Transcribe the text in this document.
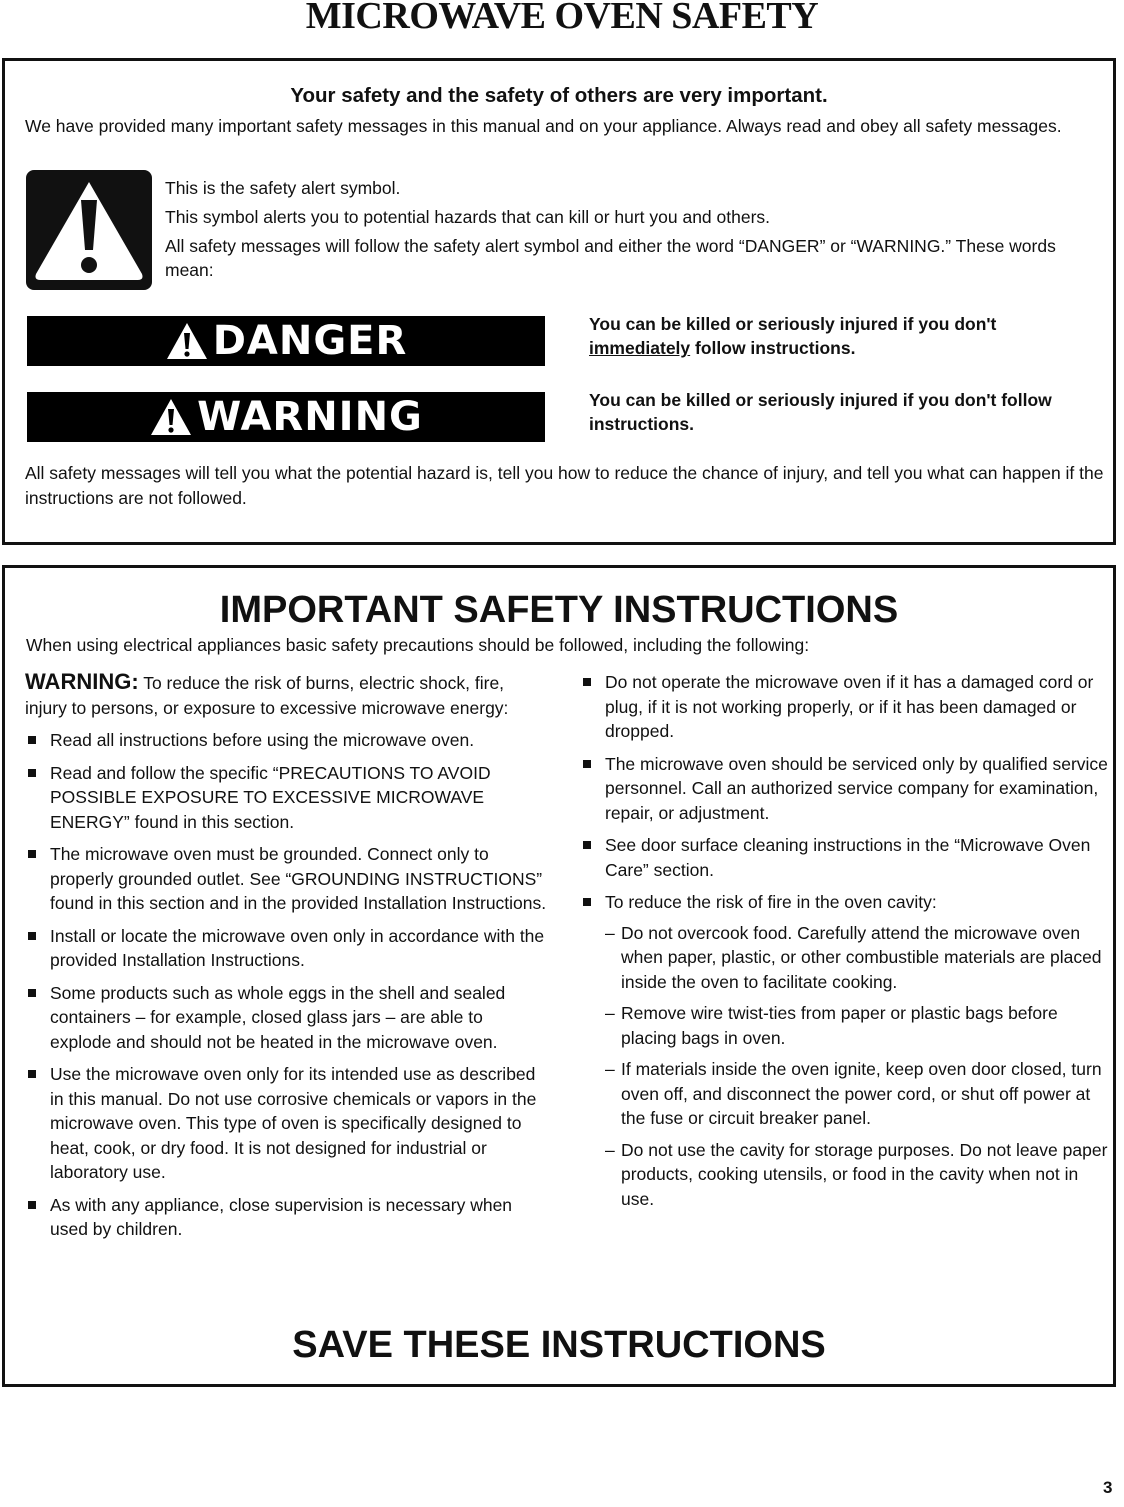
MICROWAVE OVEN SAFETY

Your safety and the safety of others are very important.

We have provided many important safety messages in this manual and on your appliance. Always read and obey all safety messages.

This is the safety alert symbol.

This symbol alerts you to potential hazards that can kill or hurt you and others.

All safety messages will follow the safety alert symbol and either the word “DANGER” or “WARNING.” These words mean:

DANGER	You can be killed or seriously injured if you don't immediately follow instructions.

WARNING	You can be killed or seriously injured if you don't follow instructions.

All safety messages will tell you what the potential hazard is, tell you how to reduce the chance of injury, and tell you what can happen if the instructions are not followed.

IMPORTANT SAFETY INSTRUCTIONS

When using electrical appliances basic safety precautions should be followed, including the following:

WARNING: To reduce the risk of burns, electric shock, fire, injury to persons, or exposure to excessive microwave energy:

Read all instructions before using the microwave oven.
Read and follow the specific “PRECAUTIONS TO AVOID POSSIBLE EXPOSURE TO EXCESSIVE MICROWAVE ENERGY” found in this section.
The microwave oven must be grounded. Connect only to properly grounded outlet. See “GROUNDING INSTRUCTIONS” found in this section and in the provided Installation Instructions.
Install or locate the microwave oven only in accordance with the provided Installation Instructions.
Some products such as whole eggs in the shell and sealed containers – for example, closed glass jars – are able to explode and should not be heated in the microwave oven.
Use the microwave oven only for its intended use as described in this manual. Do not use corrosive chemicals or vapors in the microwave oven. This type of oven is specifically designed to heat, cook, or dry food. It is not designed for industrial or laboratory use.
As with any appliance, close supervision is necessary when used by children.
Do not operate the microwave oven if it has a damaged cord or plug, if it is not working properly, or if it has been damaged or dropped.
The microwave oven should be serviced only by qualified service personnel. Call an authorized service company for examination, repair, or adjustment.
See door surface cleaning instructions in the “Microwave Oven Care” section.
To reduce the risk of fire in the oven cavity:
– Do not overcook food. Carefully attend the microwave oven when paper, plastic, or other combustible materials are placed inside the oven to facilitate cooking.
– Remove wire twist-ties from paper or plastic bags before placing bags in oven.
– If materials inside the oven ignite, keep oven door closed, turn oven off, and disconnect the power cord, or shut off power at the fuse or circuit breaker panel.
– Do not use the cavity for storage purposes. Do not leave paper products, cooking utensils, or food in the cavity when not in use.
SAVE THESE INSTRUCTIONS

3
